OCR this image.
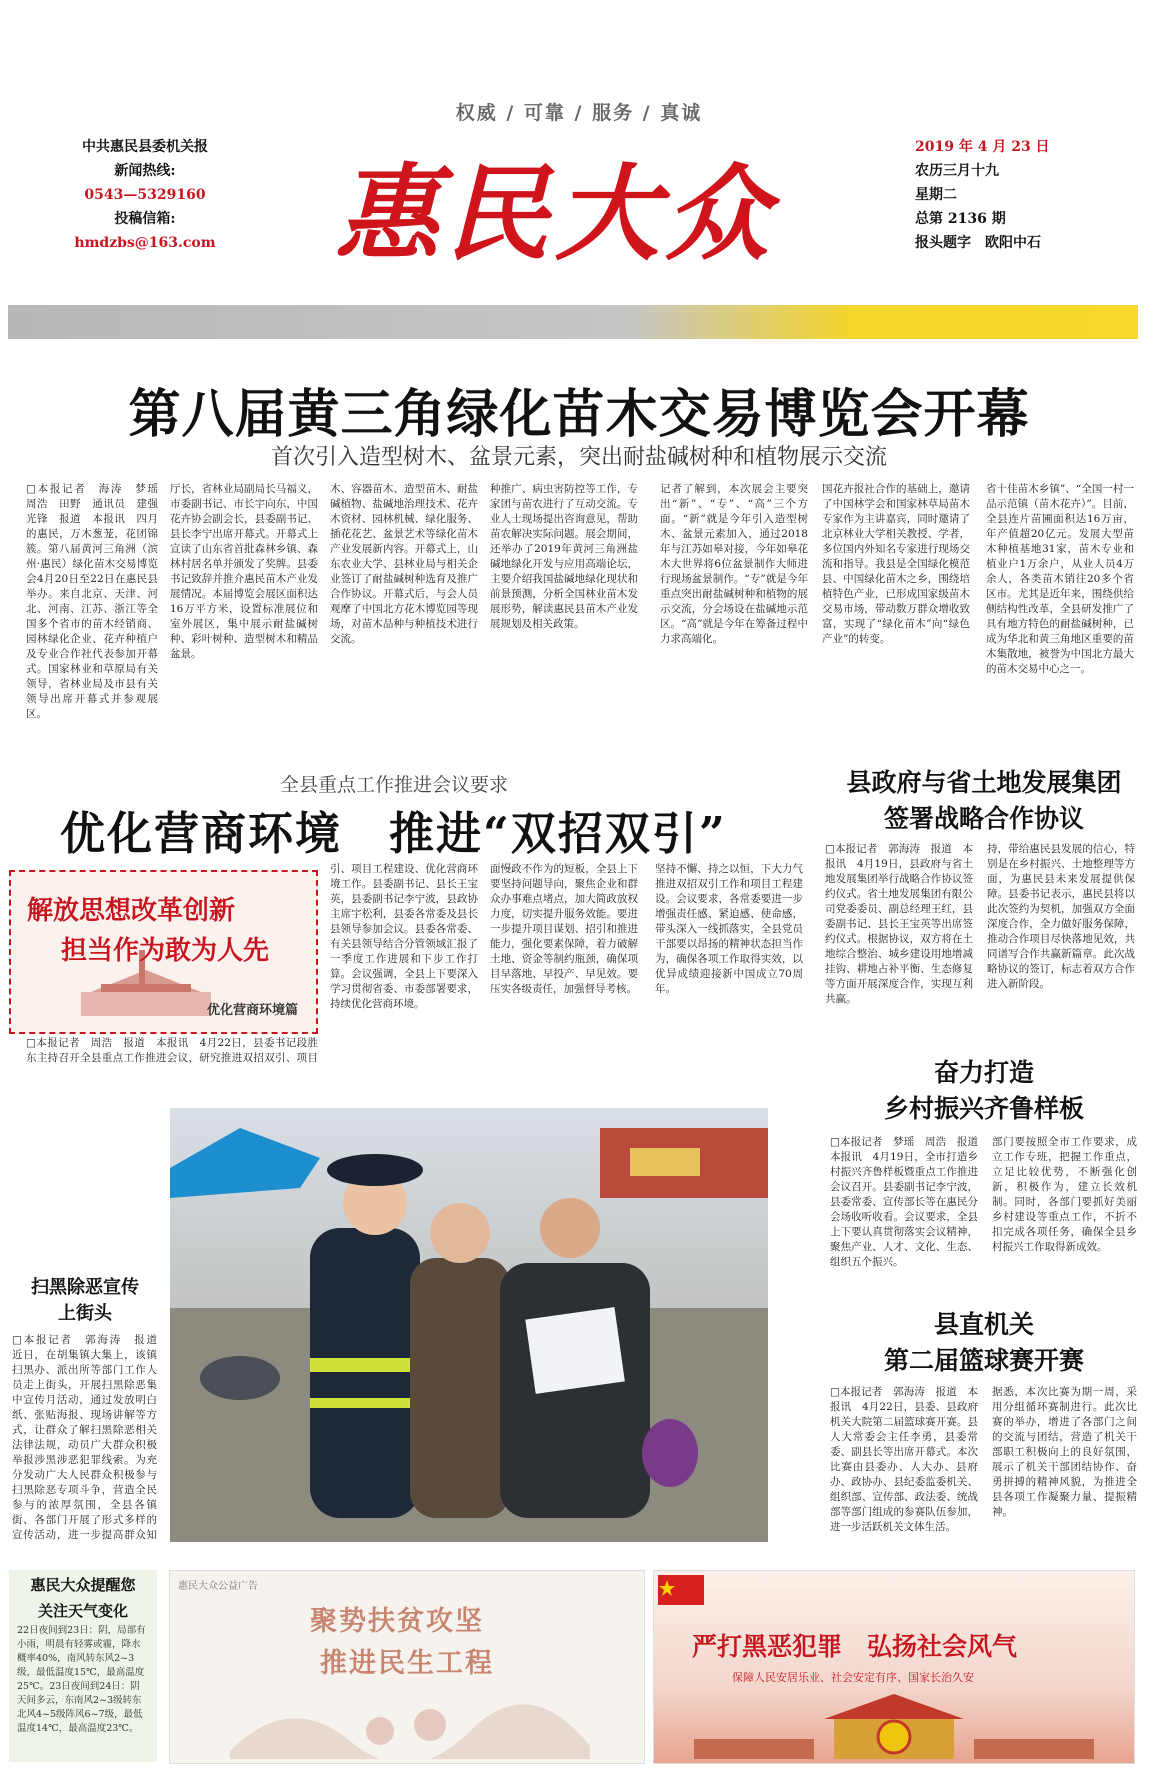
权威 / 可靠 / 服务 / 真诚
中共惠民县委机关报
新闻热线:
0543—5329160
投稿信箱:
hmdzbs@163.com 惠民大众
2019 年 4 月 23 日
农历三月十九
星期二
总第 2136 期
报头题字　欧阳中石
第八届黄三角绿化苗木交易博览会开幕
首次引入造型树木、盆景元素，突出耐盐碱树种和植物展示交流
□本报记者　海涛　梦瑶　　　　　　　周浩　田野　通讯员　建强　　　　　　光锋　报道　本报讯　四月的惠民，万木葱茏，花团锦簇。第八届黄河三角洲（滨州·惠民）绿化苗木交易博览会4月20日至22日在惠民县举办。来自北京、天津、河北、河南、江苏、浙江等全国多个省市的苗木经销商、园林绿化企业、花卉种植户及专业合作社代表参加开幕式。国家林业和草原局有关领导，省林业局及市县有关领导出席开幕式并参观展区。
厅长，省林业局副局长马福义，市委副书记、市长宇向东，中国花卉协会副会长，县委副书记、县长李宁出席开幕式。开幕式上宣读了山东省首批森林乡镇、森林村居名单并颁发了奖牌。县委书记致辞并推介惠民苗木产业发展情况。本届博览会展区面积达16万平方米，设置标准展位和室外展区，集中展示耐盐碱树种、彩叶树种、造型树木和精品盆景。
木、容器苗木、造型苗木、耐盐碱植物、盐碱地治理技术、花卉木资材、园林机械、绿化服务、插花花艺、盆景艺术等绿化苗木产业发展新内容。开幕式上，山东农业大学、县林业局与相关企业签订了耐盐碱树种选育及推广合作协议。开幕式后，与会人员观摩了中国北方花木博览园等现场，对苗木品种与种植技术进行交流。
种推广、病虫害防控等工作，专家团与苗农进行了互动交流。专业人士现场提出咨询意见，帮助苗农解决实际问题。展会期间，还举办了2019年黄河三角洲盐碱地绿化开发与应用高端论坛，主要介绍我国盐碱地绿化现状和前景预测，分析全国林业苗木发展形势，解读惠民县苗木产业发展规划及相关政策。
记者了解到，本次展会主要突出“新”、“专”、“高”三个方面。“新”就是今年引入造型树木、盆景元素加入，通过2018年与江苏如皋对接，今年如皋花木大世界将6位盆景制作大师进行现场盆景制作。“专”就是今年重点突出耐盐碱树种和植物的展示交流，分会场设在盐碱地示范区。“高”就是今年在筹备过程中力求高端化。
国花卉报社合作的基础上，邀请了中国林学会和国家林草局苗木专家作为主讲嘉宾，同时邀请了北京林业大学相关教授、学者，多位国内外知名专家进行现场交流和指导。我县是全国绿化模范县、中国绿化苗木之乡，围绕培植特色产业，已形成国家级苗木交易市场，带动数万群众增收致富，实现了“绿化苗木”向“绿色产业”的转变。
省十佳苗木乡镇”、“全国一村一品示范镇（苗木花卉）”。目前，全县连片苗圃面积达16万亩，年产值超20亿元。发展大型苗木种植基地31家，苗木专业和植业户1万余户，从业人员4万余人，各类苗木销往20多个省区市。尤其是近年来，围绕供给侧结构性改革，全县研发推广了具有地方特色的耐盐碱树种，已成为华北和黄三角地区重要的苗木集散地，被誉为中国北方最大的苗木交易中心之一。
全县重点工作推进会议要求
优化营商环境　推进“双招双引”
解放思想改革创新
担当作为敢为人先
优化营商环境篇
□本报记者　周浩　报道　本报讯　4月22日，县委书记段胜东主持召开全县重点工作推进会议，研究推进双招双引、项目
引、项目工程建设、优化营商环境工作。县委副书记、县长王宝英，县委副书记李宁波，县政协主席宇松利，县委各常委及县长县领导参加会议。县委各常委、有关县领导结合分管领域汇报了一季度工作进展和下步工作打算。会议强调，全县上下要深入学习贯彻省委、市委部署要求，持续优化营商环境。
面慢政不作为的短板，全县上下要坚持问题导向，聚焦企业和群众办事难点堵点，加大简政放权力度，切实提升服务效能。要进一步提升项目谋划、招引和推进能力，强化要素保障，着力破解土地、资金等制约瓶颈，确保项目早落地、早投产、早见效。要压实各级责任，加强督导考核。
坚持不懈、持之以恒，下大力气推进双招双引工作和项目工程建设。会议要求，各常委要进一步增强责任感、紧迫感、使命感，带头深入一线抓落实，全县党员干部要以昂扬的精神状态担当作为，确保各项工作取得实效，以优异成绩迎接新中国成立70周年。
县政府与省土地发展集团
签署战略合作协议
□本报记者　郭海涛　报道　本报讯　4月19日，县政府与省土地发展集团举行战略合作协议签约仪式。省土地发展集团有限公司党委委员、副总经理王红，县委副书记、县长王宝英等出席签约仪式。根据协议，双方将在土地综合整治、城乡建设用地增减挂钩、耕地占补平衡、生态修复等方面开展深度合作，实现互利共赢。
持，带给惠民县发展的信心，特别是在乡村振兴、土地整理等方面，为惠民县未来发展提供保障。县委书记表示，惠民县将以此次签约为契机，加强双方全面深度合作，全力做好服务保障，推动合作项目尽快落地见效，共同谱写合作共赢新篇章。此次战略协议的签订，标志着双方合作进入新阶段。
奋力打造
乡村振兴齐鲁样板
□本报记者　梦瑶　周浩　报道　本报讯　4月19日，全市打造乡村振兴齐鲁样板暨重点工作推进会议召开。县委副书记李宁波，县委常委、宣传部长等在惠民分会场收听收看。会议要求，全县上下要认真贯彻落实会议精神，聚焦产业、人才、文化、生态、组织五个振兴。
部门要按照全市工作要求，成立工作专班，把握工作重点，立足比较优势，不断强化创新，积极作为，建立长效机制。同时，各部门要抓好美丽乡村建设等重点工作，不折不扣完成各项任务，确保全县乡村振兴工作取得新成效。
扫黑除恶宣传
上街头
□本报记者　郭海涛　报道　近日，在胡集镇大集上，该镇扫黑办、派出所等部门工作人员走上街头，开展扫黑除恶集中宣传月活动，通过发放明白纸、张贴海报、现场讲解等方式，让群众了解扫黑除恶相关法律法规，动员广大群众积极举报涉黑涉恶犯罪线索。为充分发动广大人民群众积极参与扫黑除恶专项斗争，营造全民参与的浓厚氛围，全县各镇街、各部门开展了形式多样的宣传活动，进一步提高群众知
县直机关
第二届篮球赛开赛
□本报记者　郭海涛　报道　本报讯　4月22日，县委、县政府机关大院第二届篮球赛开赛。县人大常委会主任李勇，县委常委、副县长等出席开幕式。本次比赛由县委办、人大办、县府办、政协办、县纪委监委机关、组织部、宣传部、政法委、统战部等部门组成的参赛队伍参加，进一步活跃机关文体生活。
据悉，本次比赛为期一周，采用分组循环赛制进行。此次比赛的举办，增进了各部门之间的交流与团结，营造了机关干部职工积极向上的良好氛围，展示了机关干部团结协作、奋勇拼搏的精神风貌，为推进全县各项工作凝聚力量、提振精神。
惠民大众提醒您
关注天气变化
22日夜间到23日：阴，局部有小雨，明晨有轻雾或霾，降水概率40%，南风转东风2~3级，最低温度15℃，最高温度25℃。23日夜间到24日：阴天间多云，东南风2~3级转东北风4~5级阵风6~7级，最低温度14℃，最高温度23℃。
惠民大众公益广告
聚势扶贫攻坚
推进民生工程
严打黑恶犯罪　弘扬社会风气
保障人民安居乐业、社会安定有序、国家长治久安
